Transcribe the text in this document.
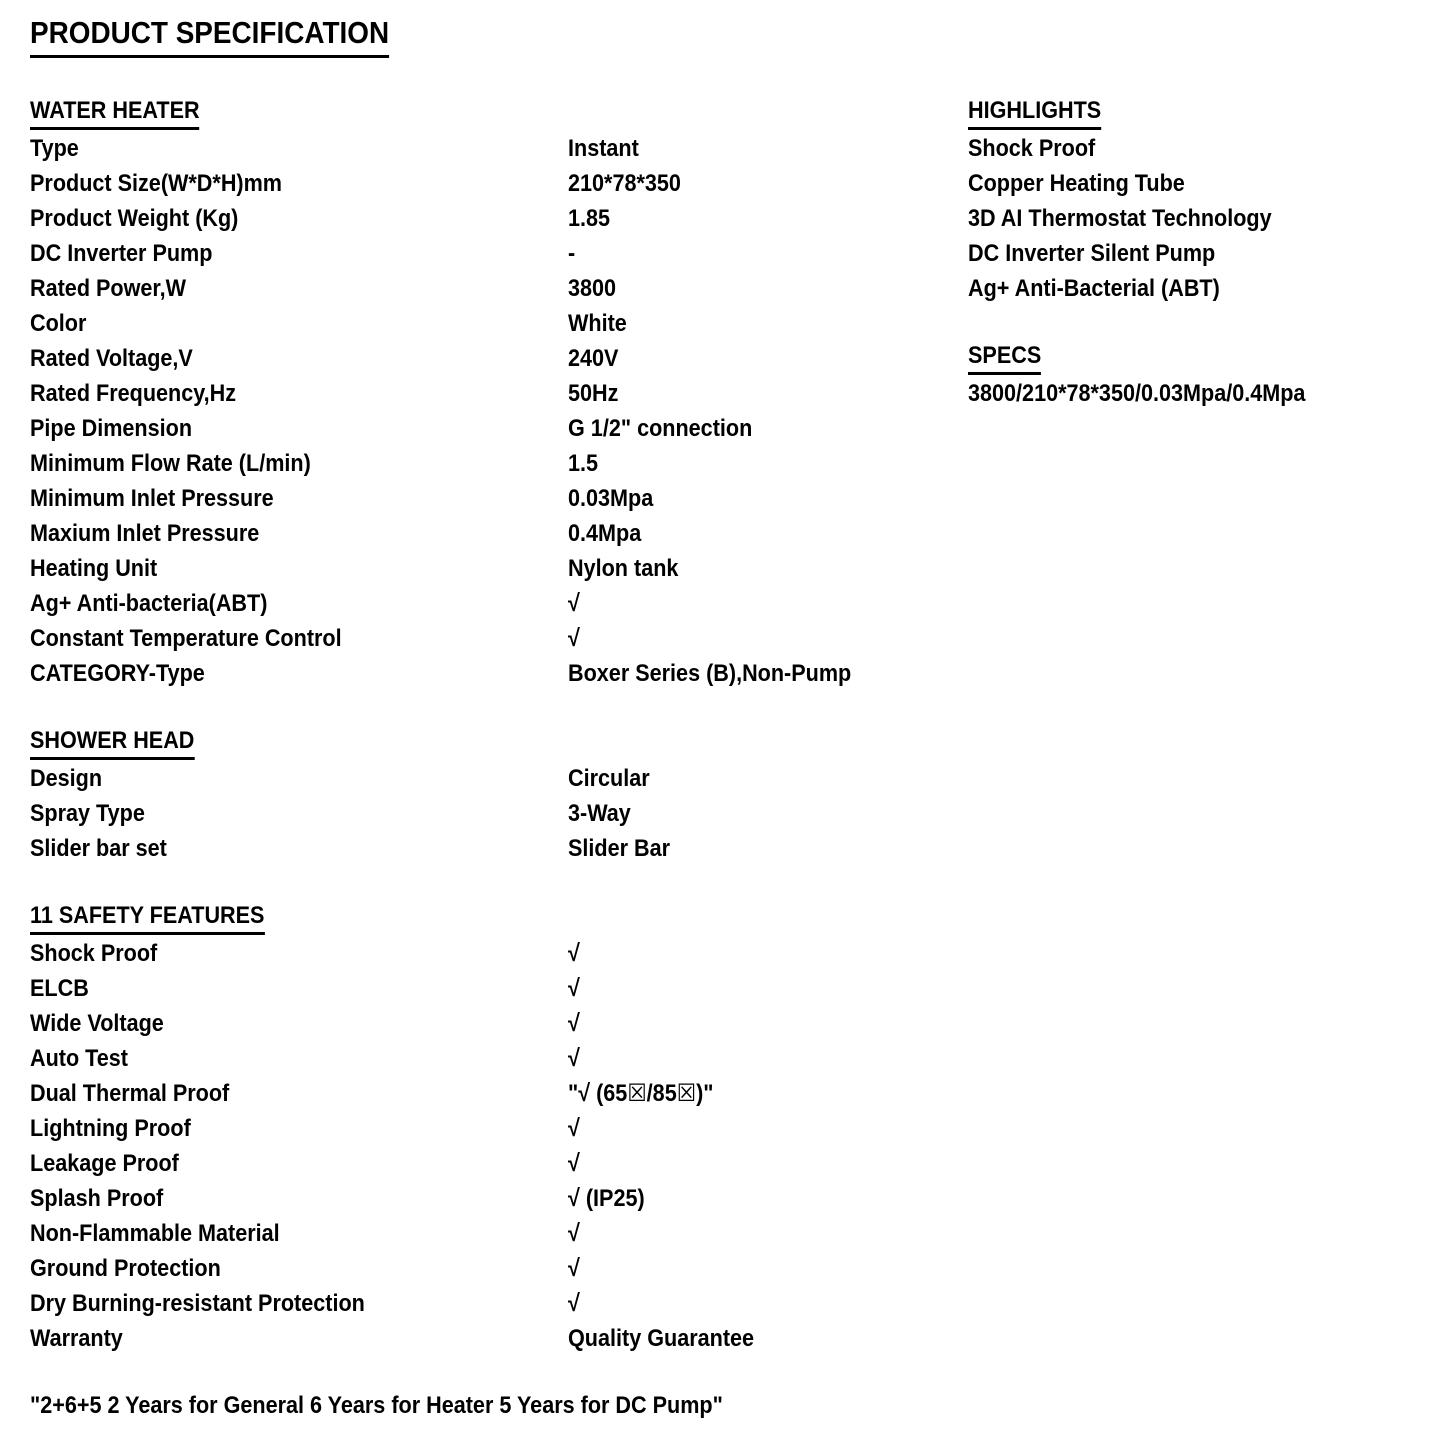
PRODUCT SPECIFICATION
WATER HEATER
Type	Instant
Product Size(W*D*H)mm	210*78*350
Product Weight (Kg)	1.85
DC Inverter Pump	-
Rated Power,W	3800
Color	White
Rated Voltage,V	240V
Rated Frequency,Hz	50Hz
Pipe Dimension	G 1/2" connection
Minimum Flow Rate (L/min)	1.5
Minimum Inlet Pressure	0.03Mpa
Maxium Inlet Pressure	0.4Mpa
Heating Unit	Nylon tank
Ag+ Anti-bacteria(ABT)	√
Constant Temperature Control	√
CATEGORY-Type	Boxer Series (B),Non-Pump
SHOWER HEAD
Design	Circular
Spray Type	3-Way
Slider bar set	Slider Bar
11 SAFETY FEATURES
Shock Proof	√
ELCB	√
Wide Voltage	√
Auto Test	√
Dual Thermal Proof	"√ (65☒/85☒)"
Lightning Proof	√
Leakage Proof	√
Splash Proof	√ (IP25)
Non-Flammable Material	√
Ground Protection	√
Dry Burning-resistant Protection	√
Warranty	Quality Guarantee
HIGHLIGHTS
Shock Proof
Copper Heating Tube
3D AI Thermostat Technology
DC Inverter Silent Pump
Ag+ Anti-Bacterial (ABT)
SPECS
3800/210*78*350/0.03Mpa/0.4Mpa
"2+6+5 2 Years for General 6 Years for Heater 5 Years for DC Pump"
